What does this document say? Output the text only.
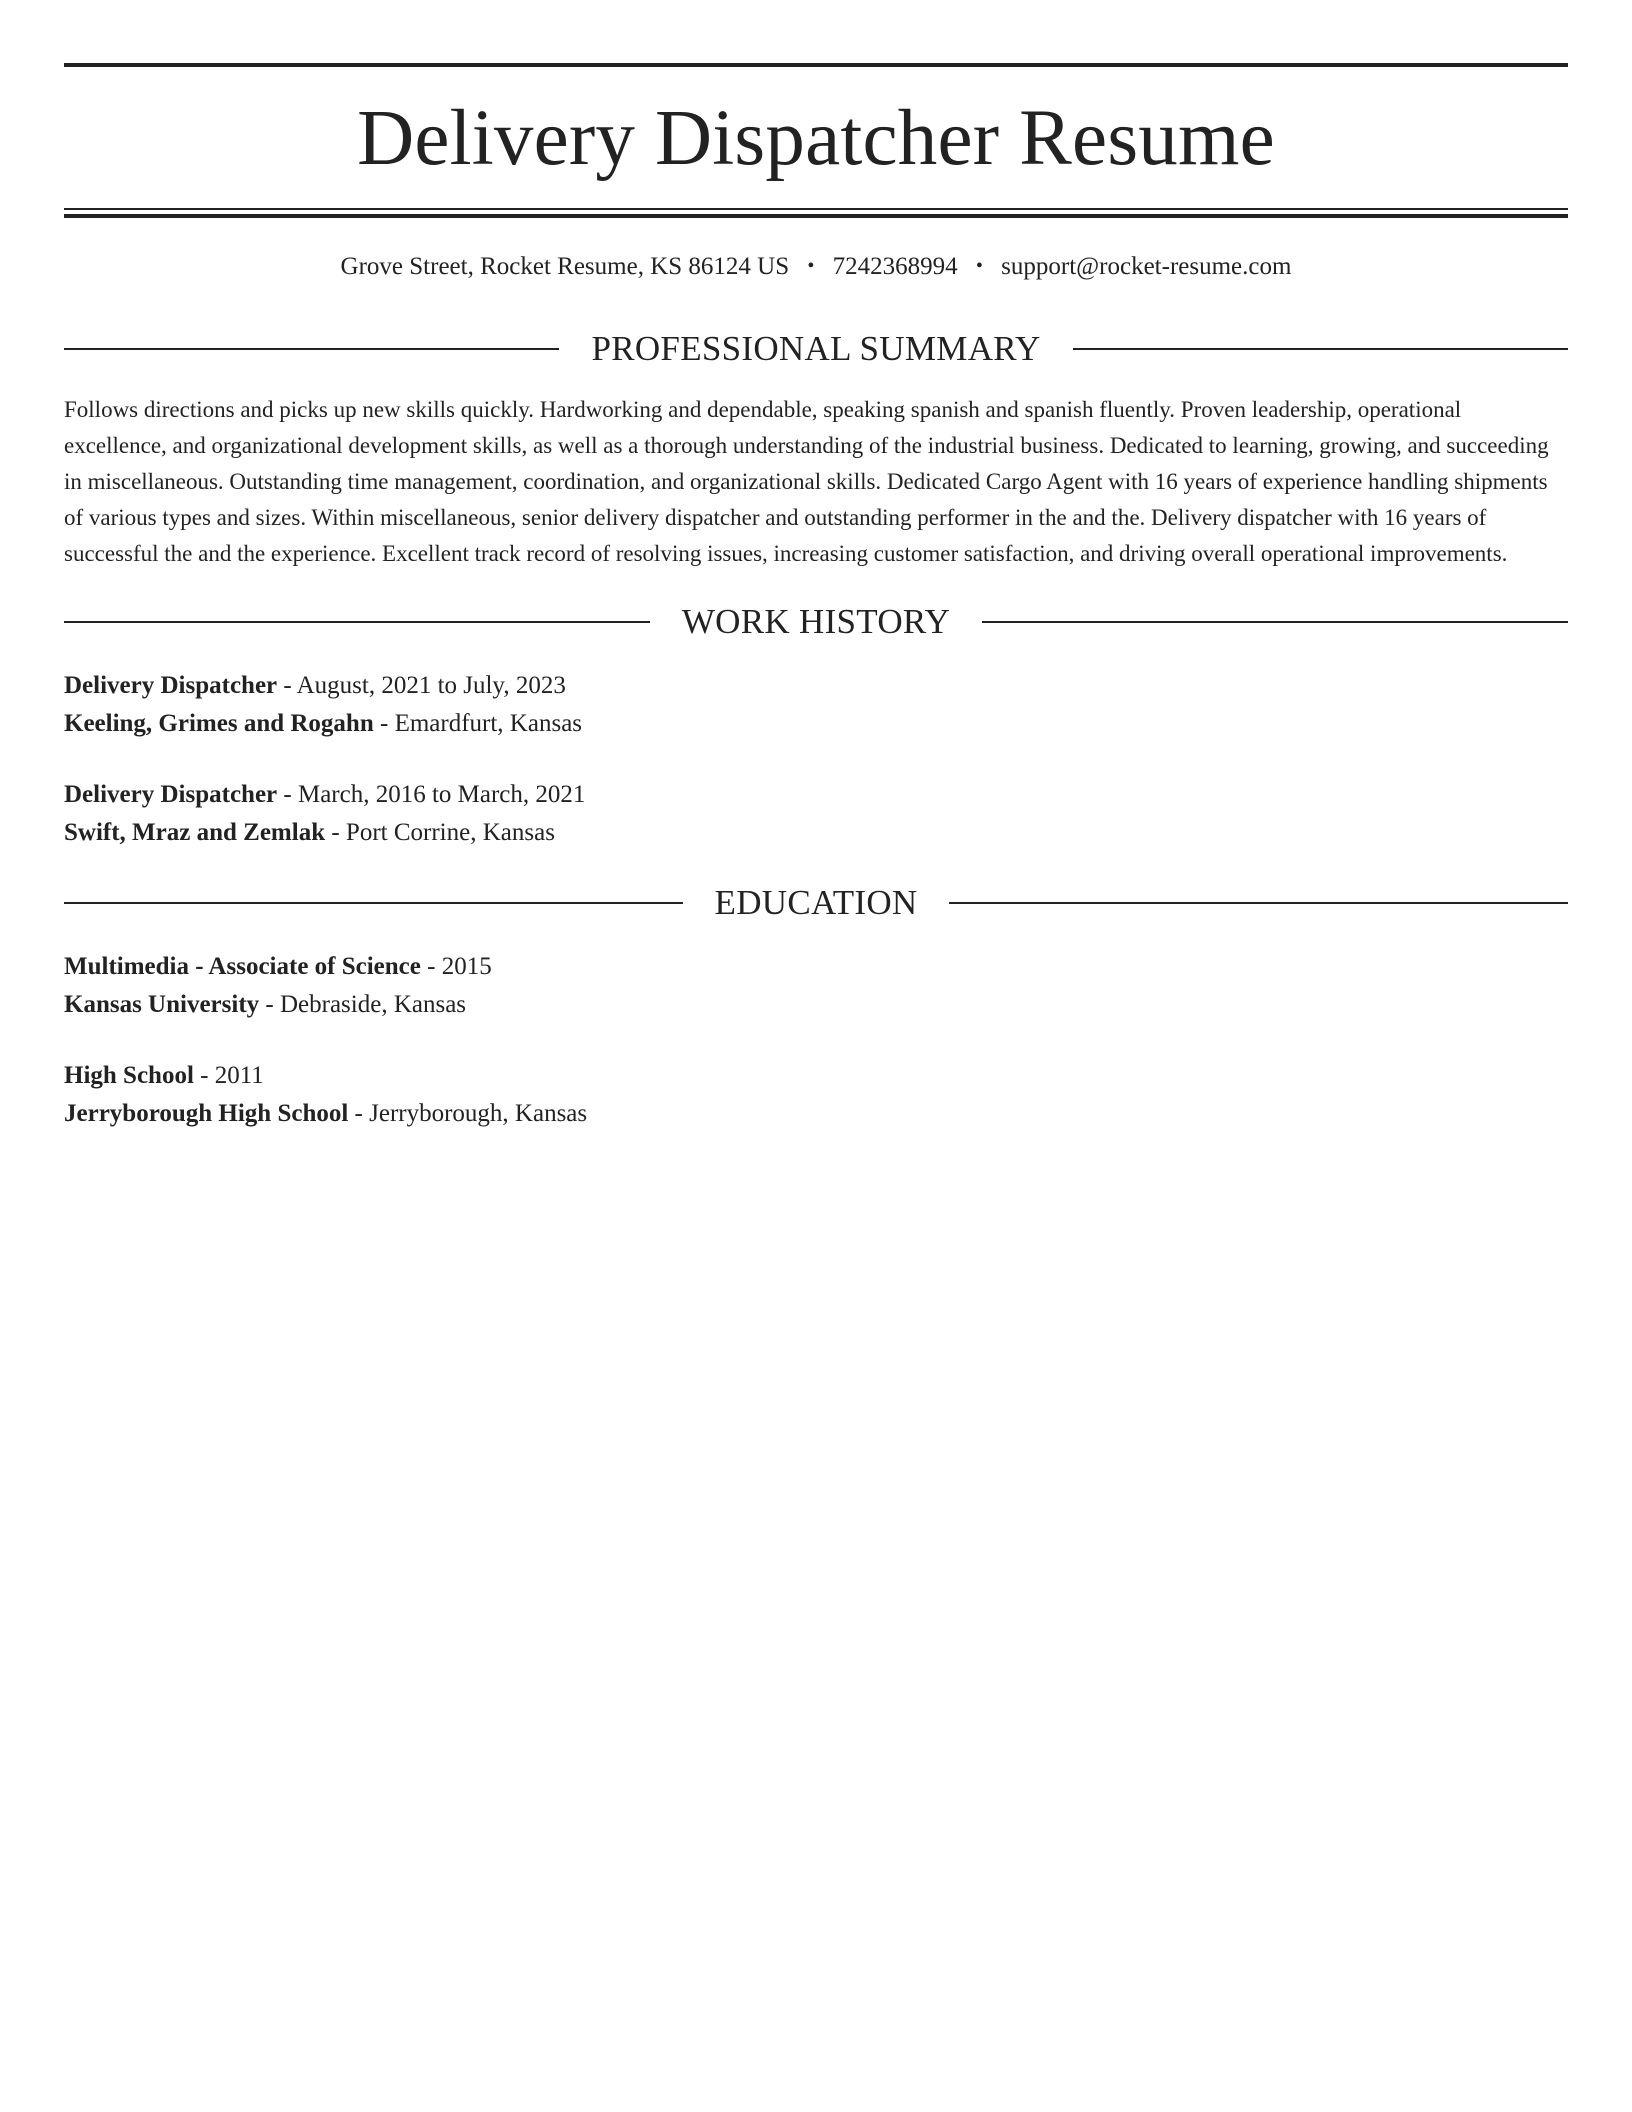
Delivery Dispatcher Resume
Grove Street, Rocket Resume, KS 86124 US • 7242368994 • support@rocket-resume.com
PROFESSIONAL SUMMARY

Follows directions and picks up new skills quickly. Hardworking and dependable, speaking spanish and spanish fluently. Proven leadership, operational excellence, and organizational development skills, as well as a thorough understanding of the industrial business. Dedicated to learning, growing, and succeeding in miscellaneous. Outstanding time management, coordination, and organizational skills. Dedicated Cargo Agent with 16 years of experience handling shipments of various types and sizes. Within miscellaneous, senior delivery dispatcher and outstanding performer in the and the. Delivery dispatcher with 16 years of successful the and the experience. Excellent track record of resolving issues, increasing customer satisfaction, and driving overall operational improvements.

WORK HISTORY
Delivery Dispatcher - August, 2021 to July, 2023
Keeling, Grimes and Rogahn - Emardfurt, Kansas
Delivery Dispatcher - March, 2016 to March, 2021
Swift, Mraz and Zemlak - Port Corrine, Kansas
EDUCATION
Multimedia - Associate of Science - 2015
Kansas University - Debraside, Kansas
High School - 2011
Jerryborough High School - Jerryborough, Kansas
